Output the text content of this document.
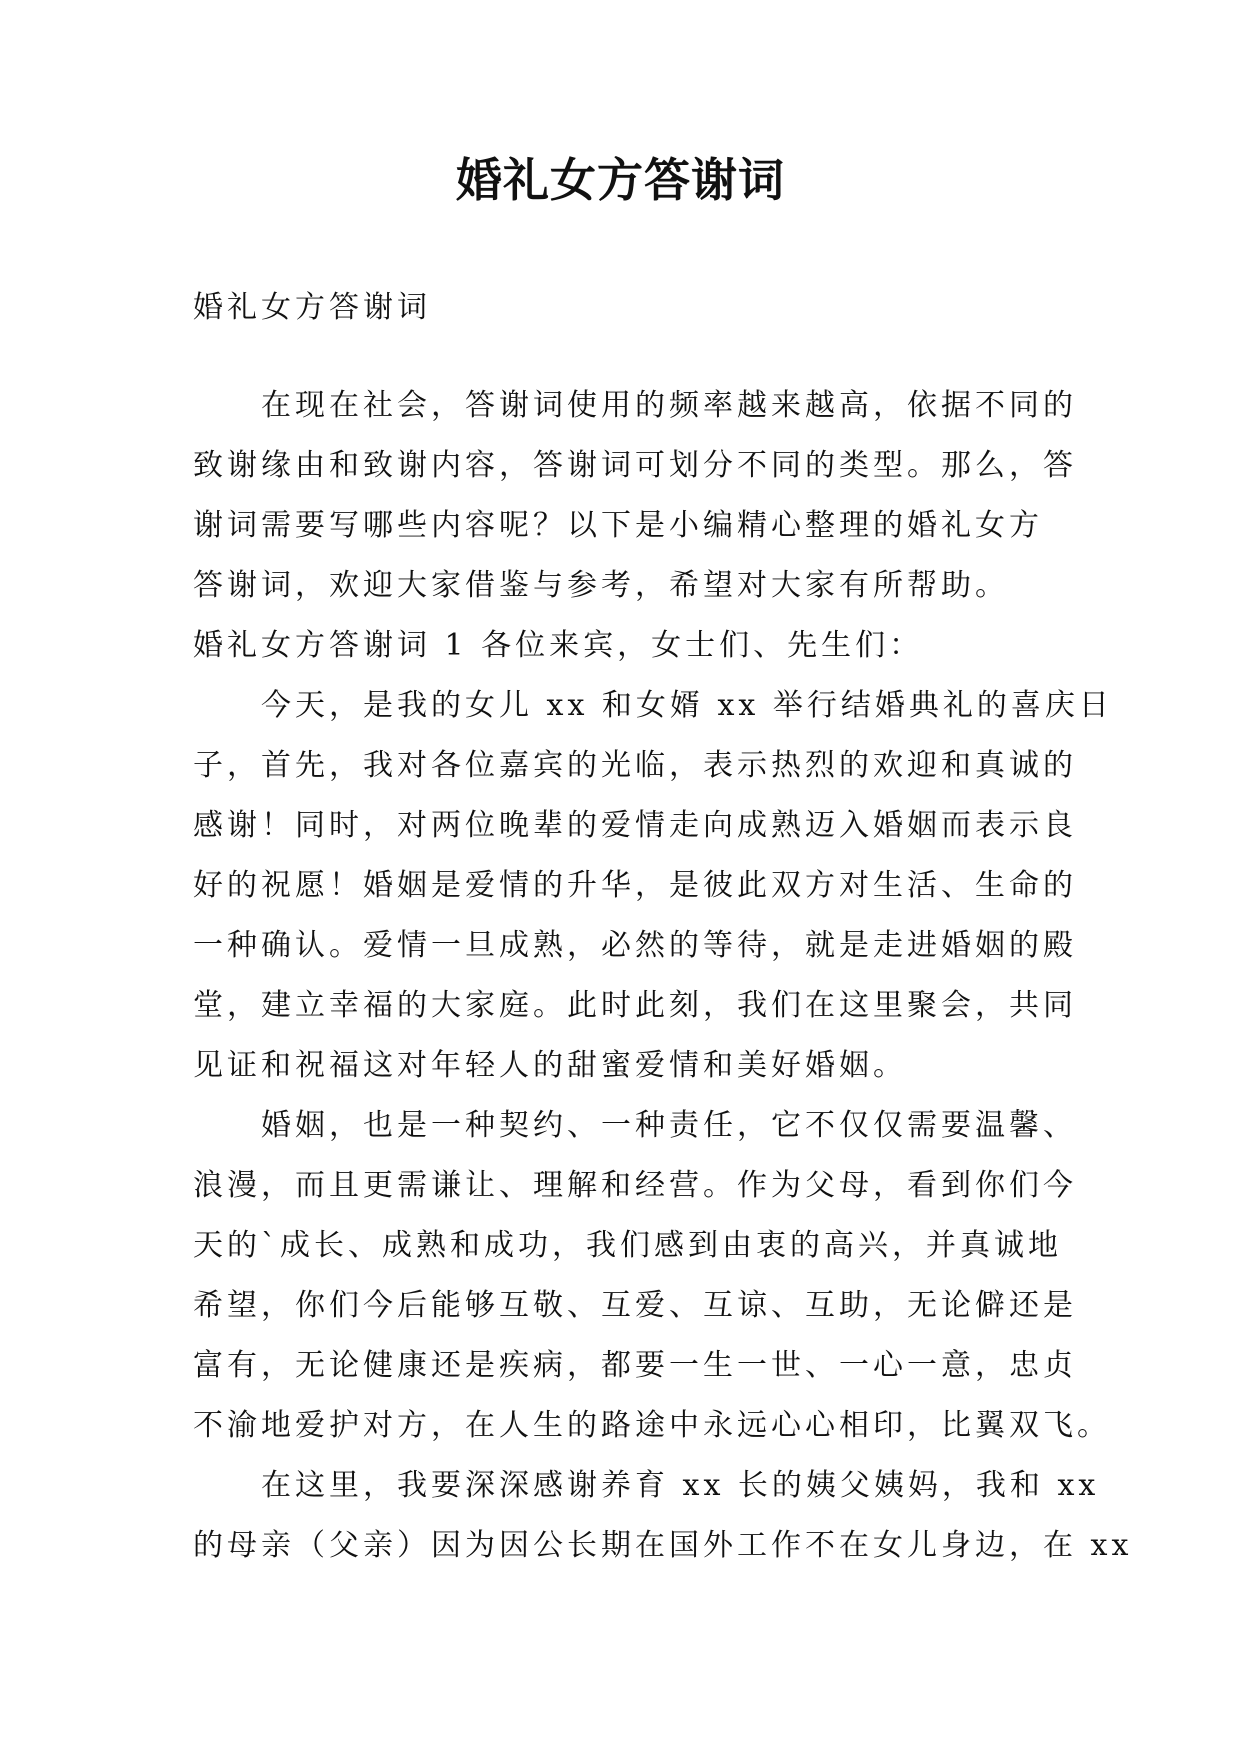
婚礼女方答谢词

婚礼女方答谢词

　　在现在社会，答谢词使用的频率越来越高，依据不同的

致谢缘由和致谢内容，答谢词可划分不同的类型。那么，答

谢词需要写哪些内容呢？以下是小编精心整理的婚礼女方

答谢词，欢迎大家借鉴与参考，希望对大家有所帮助。

婚礼女方答谢词 1 各位来宾，女士们、先生们：

　　今天，是我的女儿 xx 和女婿 xx 举行结婚典礼的喜庆日

子，首先，我对各位嘉宾的光临，表示热烈的欢迎和真诚的

感谢！同时，对两位晚辈的爱情走向成熟迈入婚姻而表示良

好的祝愿！婚姻是爱情的升华，是彼此双方对生活、生命的

一种确认。爱情一旦成熟，必然的等待，就是走进婚姻的殿

堂，建立幸福的大家庭。此时此刻，我们在这里聚会，共同

见证和祝福这对年轻人的甜蜜爱情和美好婚姻。

　　婚姻，也是一种契约、一种责任，它不仅仅需要温馨、

浪漫，而且更需谦让、理解和经营。作为父母，看到你们今

天的`成长、成熟和成功，我们感到由衷的高兴，并真诚地

希望，你们今后能够互敬、互爱、互谅、互助，无论僻还是

富有，无论健康还是疾病，都要一生一世、一心一意，忠贞

不渝地爱护对方，在人生的路途中永远心心相印，比翼双飞。

　　在这里，我要深深感谢养育 xx 长的姨父姨妈，我和 xx

的母亲（父亲）因为因公长期在国外工作不在女儿身边，在 xx
